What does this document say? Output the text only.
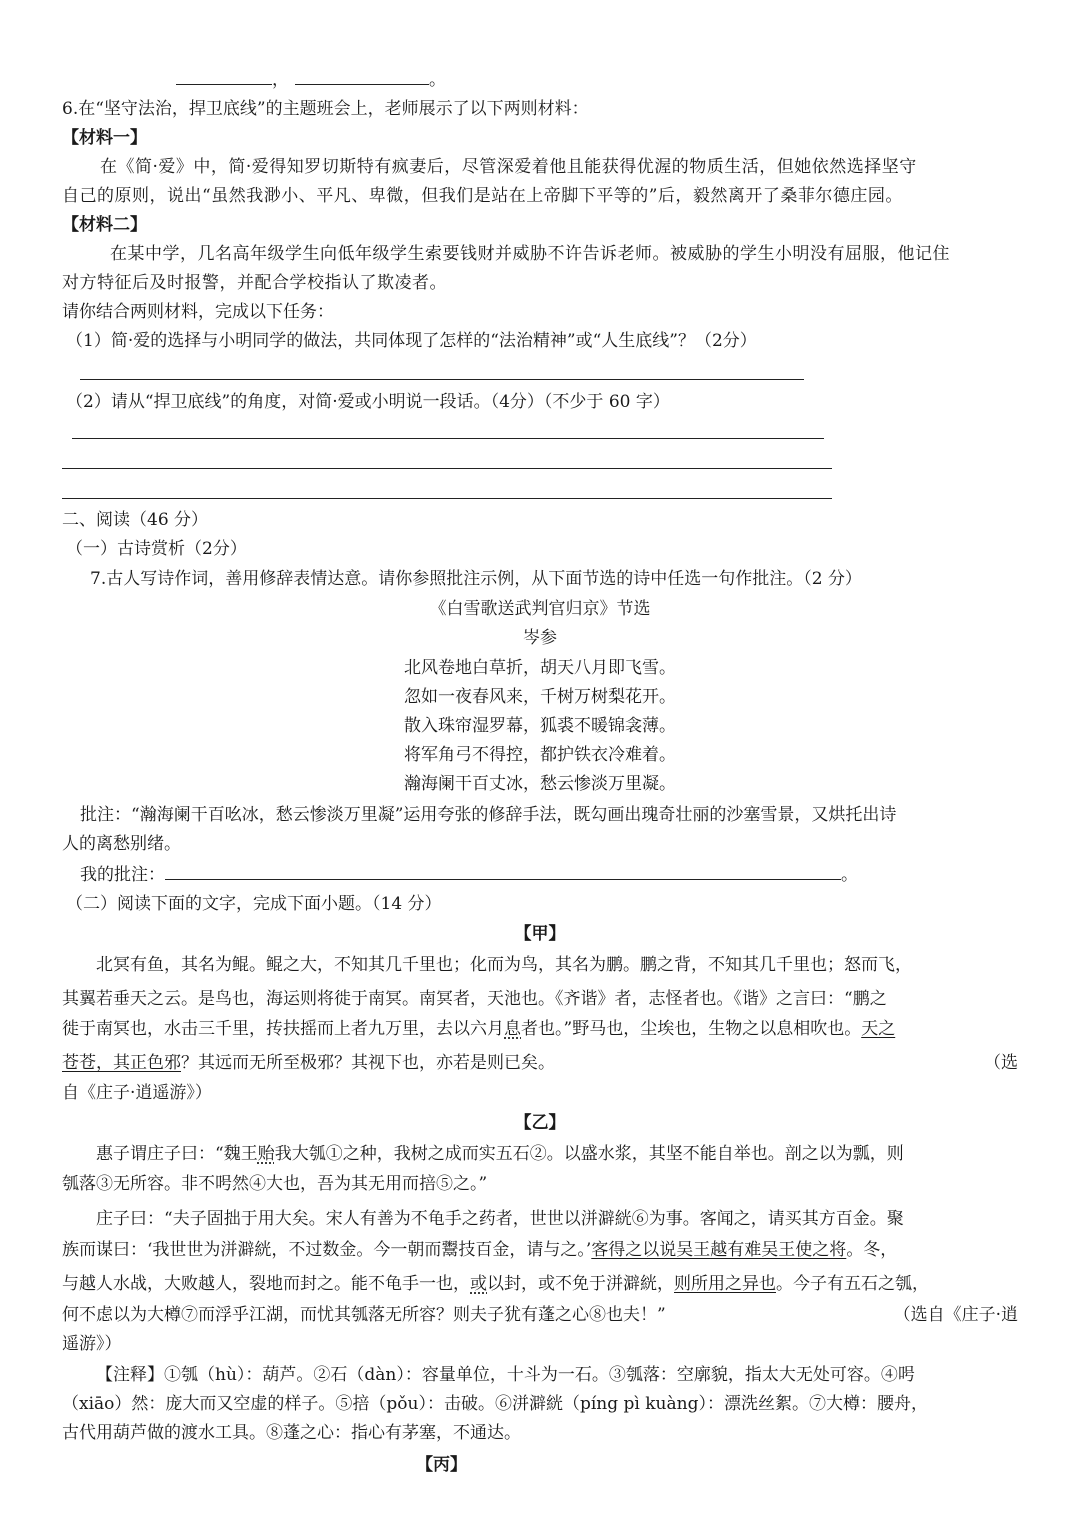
，	。
6.在“坚守法治，捍卫底线”的主题班会上，老师展示了以下两则材料：
【材料一】
在《简·爱》中，简·爱得知罗切斯特有疯妻后，尽管深爱着他且能获得优渥的物质生活，但她依然选择坚守
自己的原则，说出“虽然我渺小、平凡、卑微，但我们是站在上帝脚下平等的”后，毅然离开了桑菲尔德庄园。
【材料二】
在某中学，几名高年级学生向低年级学生索要钱财并威胁不许告诉老师。被威胁的学生小明没有屈服，他记住
对方特征后及时报警，并配合学校指认了欺凌者。
请你结合两则材料，完成以下任务：
（1）简·爱的选择与小明同学的做法，共同体现了怎样的“法治精神”或“人生底线”？（2分）
（2）请从“捍卫底线”的角度，对简·爱或小明说一段话。（4分）（不少于 60 字）
二、阅读（46 分）
（一）古诗赏析（2分）
7.古人写诗作词，善用修辞表情达意。请你参照批注示例，从下面节选的诗中任选一句作批注。（2 分）
《白雪歌送武判官归京》节选
岑参
北风卷地白草折，胡天八月即飞雪。
忽如一夜春风来，千树万树梨花开。
散入珠帘湿罗幕，狐裘不暖锦衾薄。
将军角弓不得控，都护铁衣冷难着。
瀚海阑干百丈冰，愁云惨淡万里凝。
批注：“瀚海阑干百吆冰，愁云惨淡万里凝”运用夸张的修辞手法，既勾画出瑰奇壮丽的沙塞雪景，又烘托出诗
人的离愁别绪。
我的批注：	。
（二）阅读下面的文字，完成下面小题。（14 分）
【甲】
北冥有鱼，其名为鲲。鲲之大，不知其几千里也；化而为鸟，其名为鹏。鹏之背，不知其几千里也；怒而飞，
其翼若垂天之云。是鸟也，海运则将徙于南冥。南冥者，天池也。《齐谐》者，志怪者也。《谐》之言曰：“鹏之
徙于南冥也，水击三千里，抟扶摇而上者九万里，去以六月息者也。”野马也，尘埃也，生物之以息相吹也。天之
苍苍，其正色邪？其远而无所至极邪？其视下也，亦若是则已矣。	（选
自《庄子·逍遥游》）
【乙】
惠子谓庄子曰：“魏王贻我大瓠①之种，我树之成而实五石②。以盛水浆，其坚不能自举也。剖之以为瓢，则
瓠落③无所容。非不呺然④大也，吾为其无用而掊⑤之。”
庄子曰：“夫子固拙于用大矣。宋人有善为不龟手之药者，世世以洴澼絖⑥为事。客闻之，请买其方百金。聚
族而谋曰：‘我世世为洴澼絖，不过数金。今一朝而鬻技百金，请与之。’客得之以说吴王越有难吴王使之将。冬，
与越人水战，大败越人，裂地而封之。能不龟手一也，或以封，或不免于洴澼絖，则所用之异也。今子有五石之瓠，
何不虑以为大樽⑦而浮乎江湖，而忧其瓠落无所容？则夫子犹有蓬之心⑧也夫！”	（选自《庄子·逍
遥游》）
【注释】①瓠（hù）：葫芦。②石（dàn）：容量单位，十斗为一石。③瓠落：空廓貌，指太大无处可容。④呺
（xiāo）然：庞大而又空虚的样子。⑤掊（pǒu）：击破。⑥洴澼絖（píng pì kuàng）：漂洗丝絮。⑦大樽：腰舟，
古代用葫芦做的渡水工具。⑧蓬之心：指心有茅塞，不通达。
【丙】
